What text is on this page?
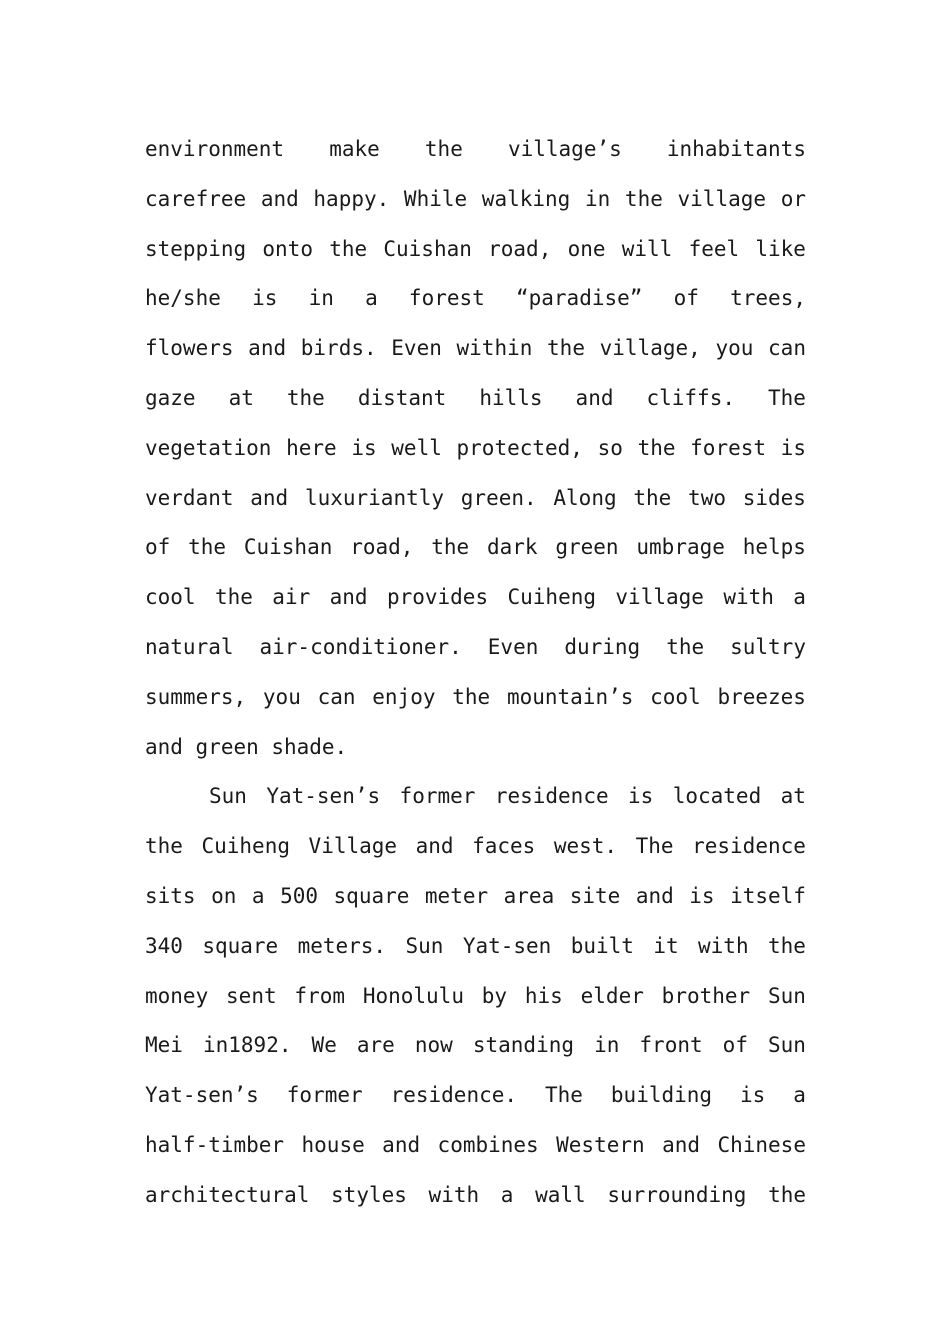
environment make the village’s inhabitants
carefree and happy. While walking in the village or
stepping onto the Cuishan road, one will feel like
he/she is in a forest “paradise” of trees,
flowers and birds. Even within the village, you can
gaze at the distant hills and cliffs. The
vegetation here is well protected, so the forest is
verdant and luxuriantly green. Along the two sides
of the Cuishan road, the dark green umbrage helps
cool the air and provides Cuiheng village with a
natural air-conditioner. Even during the sultry
summers, you can enjoy the mountain’s cool breezes
and green shade.
Sun Yat-sen’s former residence is located at
the Cuiheng Village and faces west. The residence
sits on a 500 square meter area site and is itself
340 square meters. Sun Yat-sen built it with the
money sent from Honolulu by his elder brother Sun
Mei in1892. We are now standing in front of Sun
Yat-sen’s former residence. The building is a
half-timber house and combines Western and Chinese
architectural styles with a wall surrounding the
